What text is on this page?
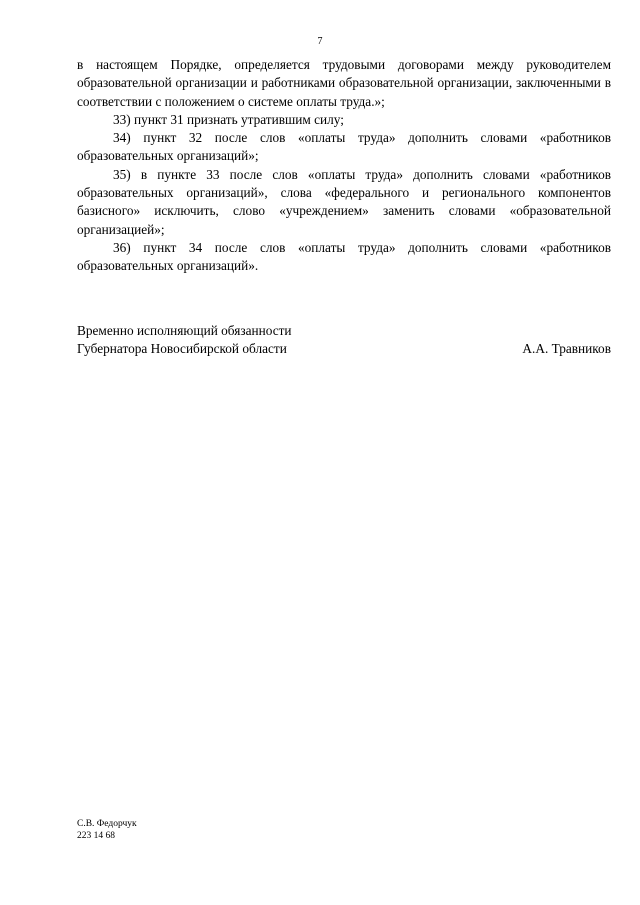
7

в настоящем Порядке, определяется трудовыми договорами между руководителем образовательной организации и работниками образовательной организации, заключенными в соответствии с положением о системе оплаты труда.»;

33) пункт 31 признать утратившим силу;

34) пункт 32 после слов «оплаты труда» дополнить словами «работников образовательных организаций»;

35) в пункте 33 после слов «оплаты труда» дополнить словами «работников образовательных организаций», слова «федерального и регионального компонентов базисного» исключить, слово «учреждением» заменить словами «образовательной организацией»;

36) пункт 34 после слов «оплаты труда» дополнить словами «работников образовательных организаций».

Временно исполняющий обязанности
Губернатора Новосибирской области	А.А. Травников
С.В. Федорчук
223 14 68
